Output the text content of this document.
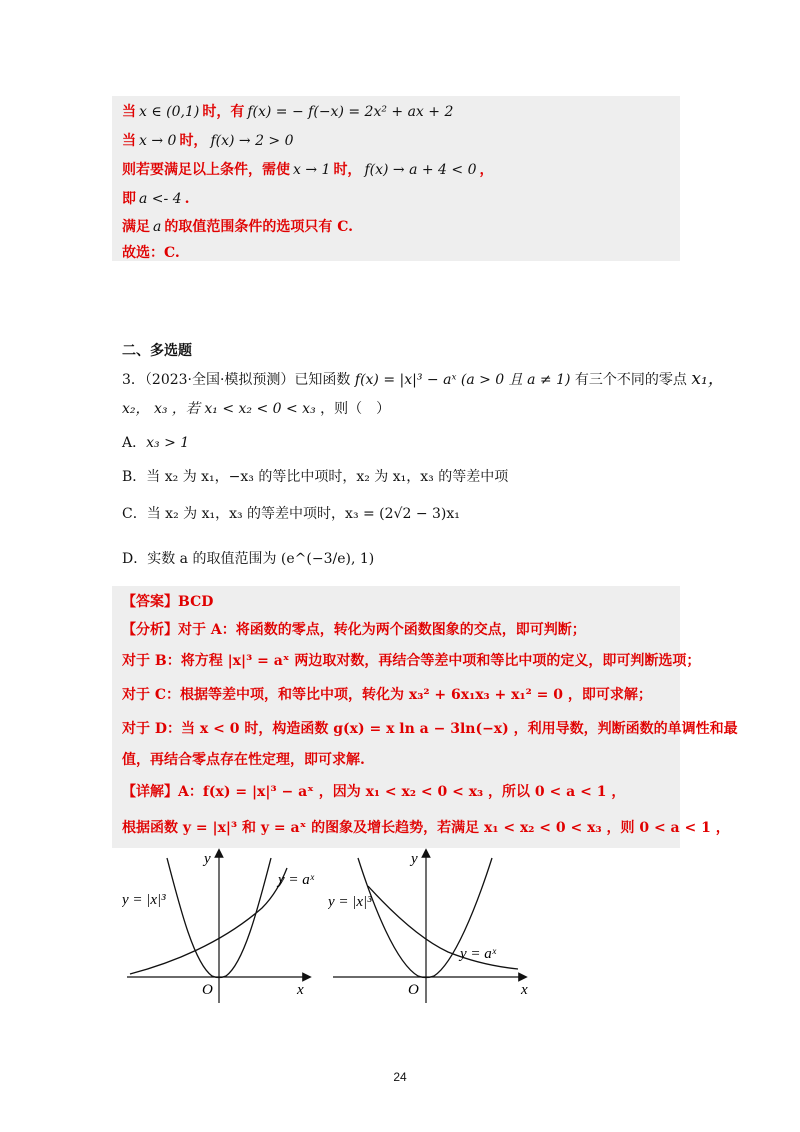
当 x ∈ (0,1) 时，有 f(x) = − f(−x) = 2x² + ax + 2
当 x → 0 时， f(x) → 2 > 0
则若要满足以上条件，需使 x → 1 时， f(x) → a + 4 < 0 ，
即 a <- 4 .
满足 a 的取值范围条件的选项只有 C.
故选：C.
二、多选题
3．（2023·全国·模拟预测）已知函数 f(x) = |x|³ − aˣ (a > 0 且 a ≠ 1) 有三个不同的零点 x₁，
x₂， x₃ ，若 x₁ < x₂ < 0 < x₃ ，则（　）
A．x₃ > 1
B．当 x₂ 为 x₁，−x₃ 的等比中项时，x₂ 为 x₁，x₃ 的等差中项
C．当 x₂ 为 x₁，x₃ 的等差中项时，x₃ = (2√2 − 3)x₁
D．实数 a 的取值范围为 (e^(−3/e), 1)
【答案】BCD
【分析】对于 A：将函数的零点，转化为两个函数图象的交点，即可判断；
对于 B：将方程 |x|³ = aˣ 两边取对数，再结合等差中项和等比中项的定义，即可判断选项；
对于 C：根据等差中项，和等比中项，转化为 x₃² + 6x₁x₃ + x₁² = 0 ，即可求解；
对于 D：当 x < 0 时，构造函数 g(x) = x ln a − 3ln(−x) ，利用导数，判断函数的单调性和最
值，再结合零点存在性定理，即可求解.
【详解】A：f(x) = |x|³ − aˣ ，因为 x₁ < x₂ < 0 < x₃ ，所以 0 < a < 1 ，
根据函数 y = |x|³ 和 y = aˣ 的图象及增长趋势，若满足 x₁ < x₂ < 0 < x₃ ，则 0 < a < 1 ，
y
x
O
y = |x|³
y = aˣ
y
x
O
y = |x|³
y = aˣ
24
